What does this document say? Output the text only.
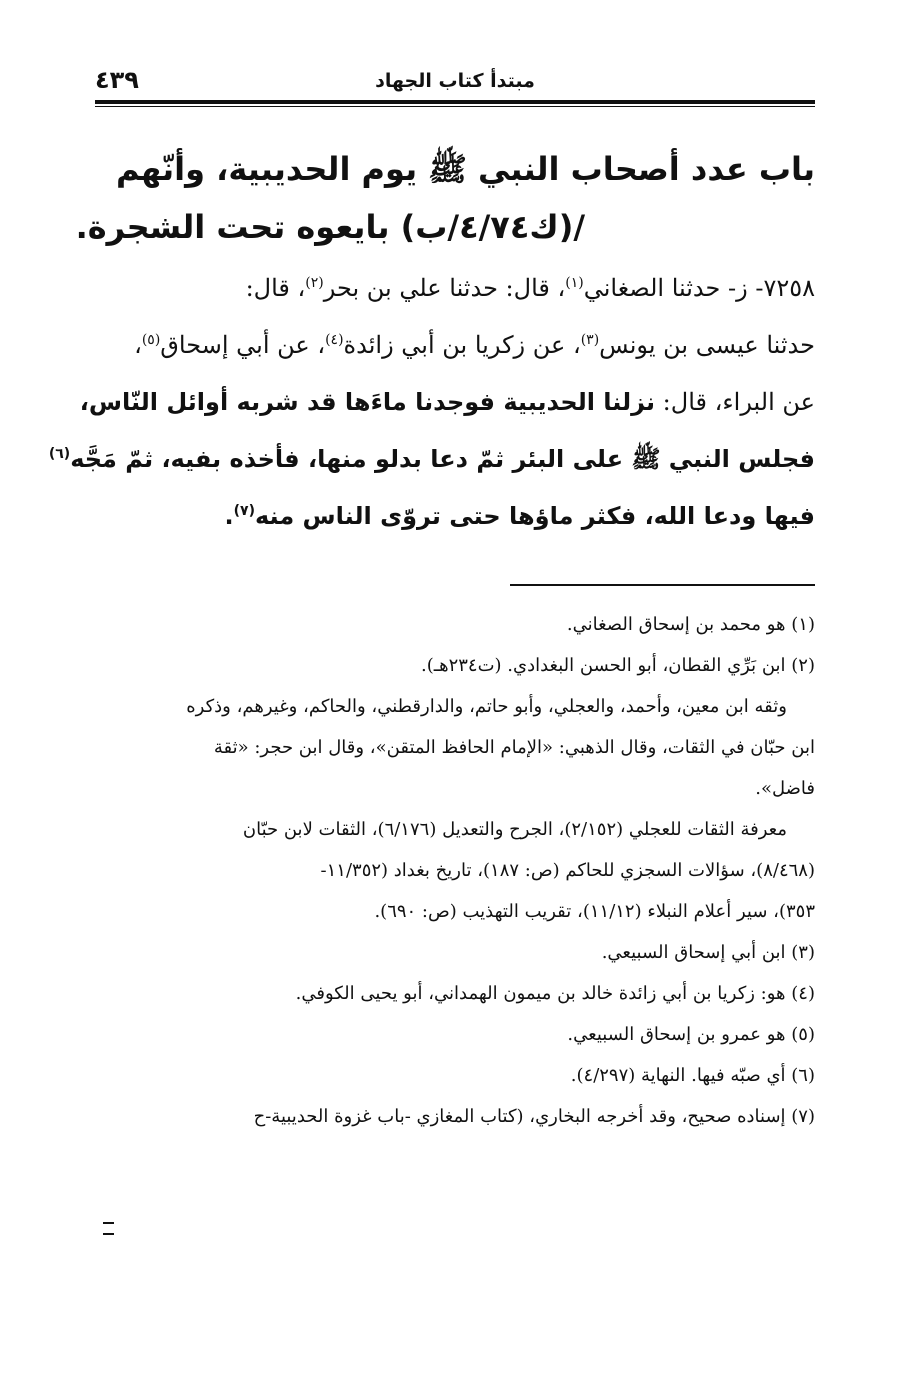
مبتدأ كتاب الجهاد
٤٣٩
باب عدد أصحاب النبي ﷺ يوم الحديبية، وأنّهم
/(ك٤/٧٤/ب) بايعوه تحت الشجرة.
٧٢٥٨- ز- حدثنا الصغاني$^{(١)}$، قال: حدثنا علي بن بحر$^{(٢)}$، قال:
حدثنا عيسى بن يونس$^{(٣)}$، عن زكريا بن أبي زائدة$^{(٤)}$، عن أبي إسحاق$^{(٥)}$،
عن البراء، قال: نزلنا الحديبية فوجدنا ماءَها قد شربه أوائل النّاس،
فجلس النبي ﷺ على البئر ثمّ دعا بدلو منها، فأخذه بفيه، ثمّ مَجَّه$^{(٦)}$
فيها ودعا الله، فكثر ماؤها حتى تروّى الناس منه$^{(٧)}$.
(١) هو محمد بن إسحاق الصغاني.
(٢) ابن بَرِّي القطان، أبو الحسن البغدادي. (ت٢٣٤هـ).
وثقه ابن معين، وأحمد، والعجلي، وأبو حاتم، والدارقطني، والحاكم، وغيرهم، وذكره
ابن حبّان في الثقات، وقال الذهبي: «الإمام الحافظ المتقن»، وقال ابن حجر: «ثقة
فاضل».
معرفة الثقات للعجلي (٢/١٥٢)، الجرح والتعديل (٦/١٧٦)، الثقات لابن حبّان
(٨/٤٦٨)، سؤالات السجزي للحاكم (ص: ١٨٧)، تاريخ بغداد (١١/٣٥٢-
٣٥٣)، سير أعلام النبلاء (١١/١٢)، تقريب التهذيب (ص: ٦٩٠).
(٣) ابن أبي إسحاق السبيعي.
(٤) هو: زكريا بن أبي زائدة خالد بن ميمون الهمداني، أبو يحيى الكوفي.
(٥) هو عمرو بن إسحاق السبيعي.
(٦) أي صبّه فيها. النهاية (٤/٢٩٧).
(٧) إسناده صحيح، وقد أخرجه البخاري، (كتاب المغازي -باب غزوة الحديبية-ح
